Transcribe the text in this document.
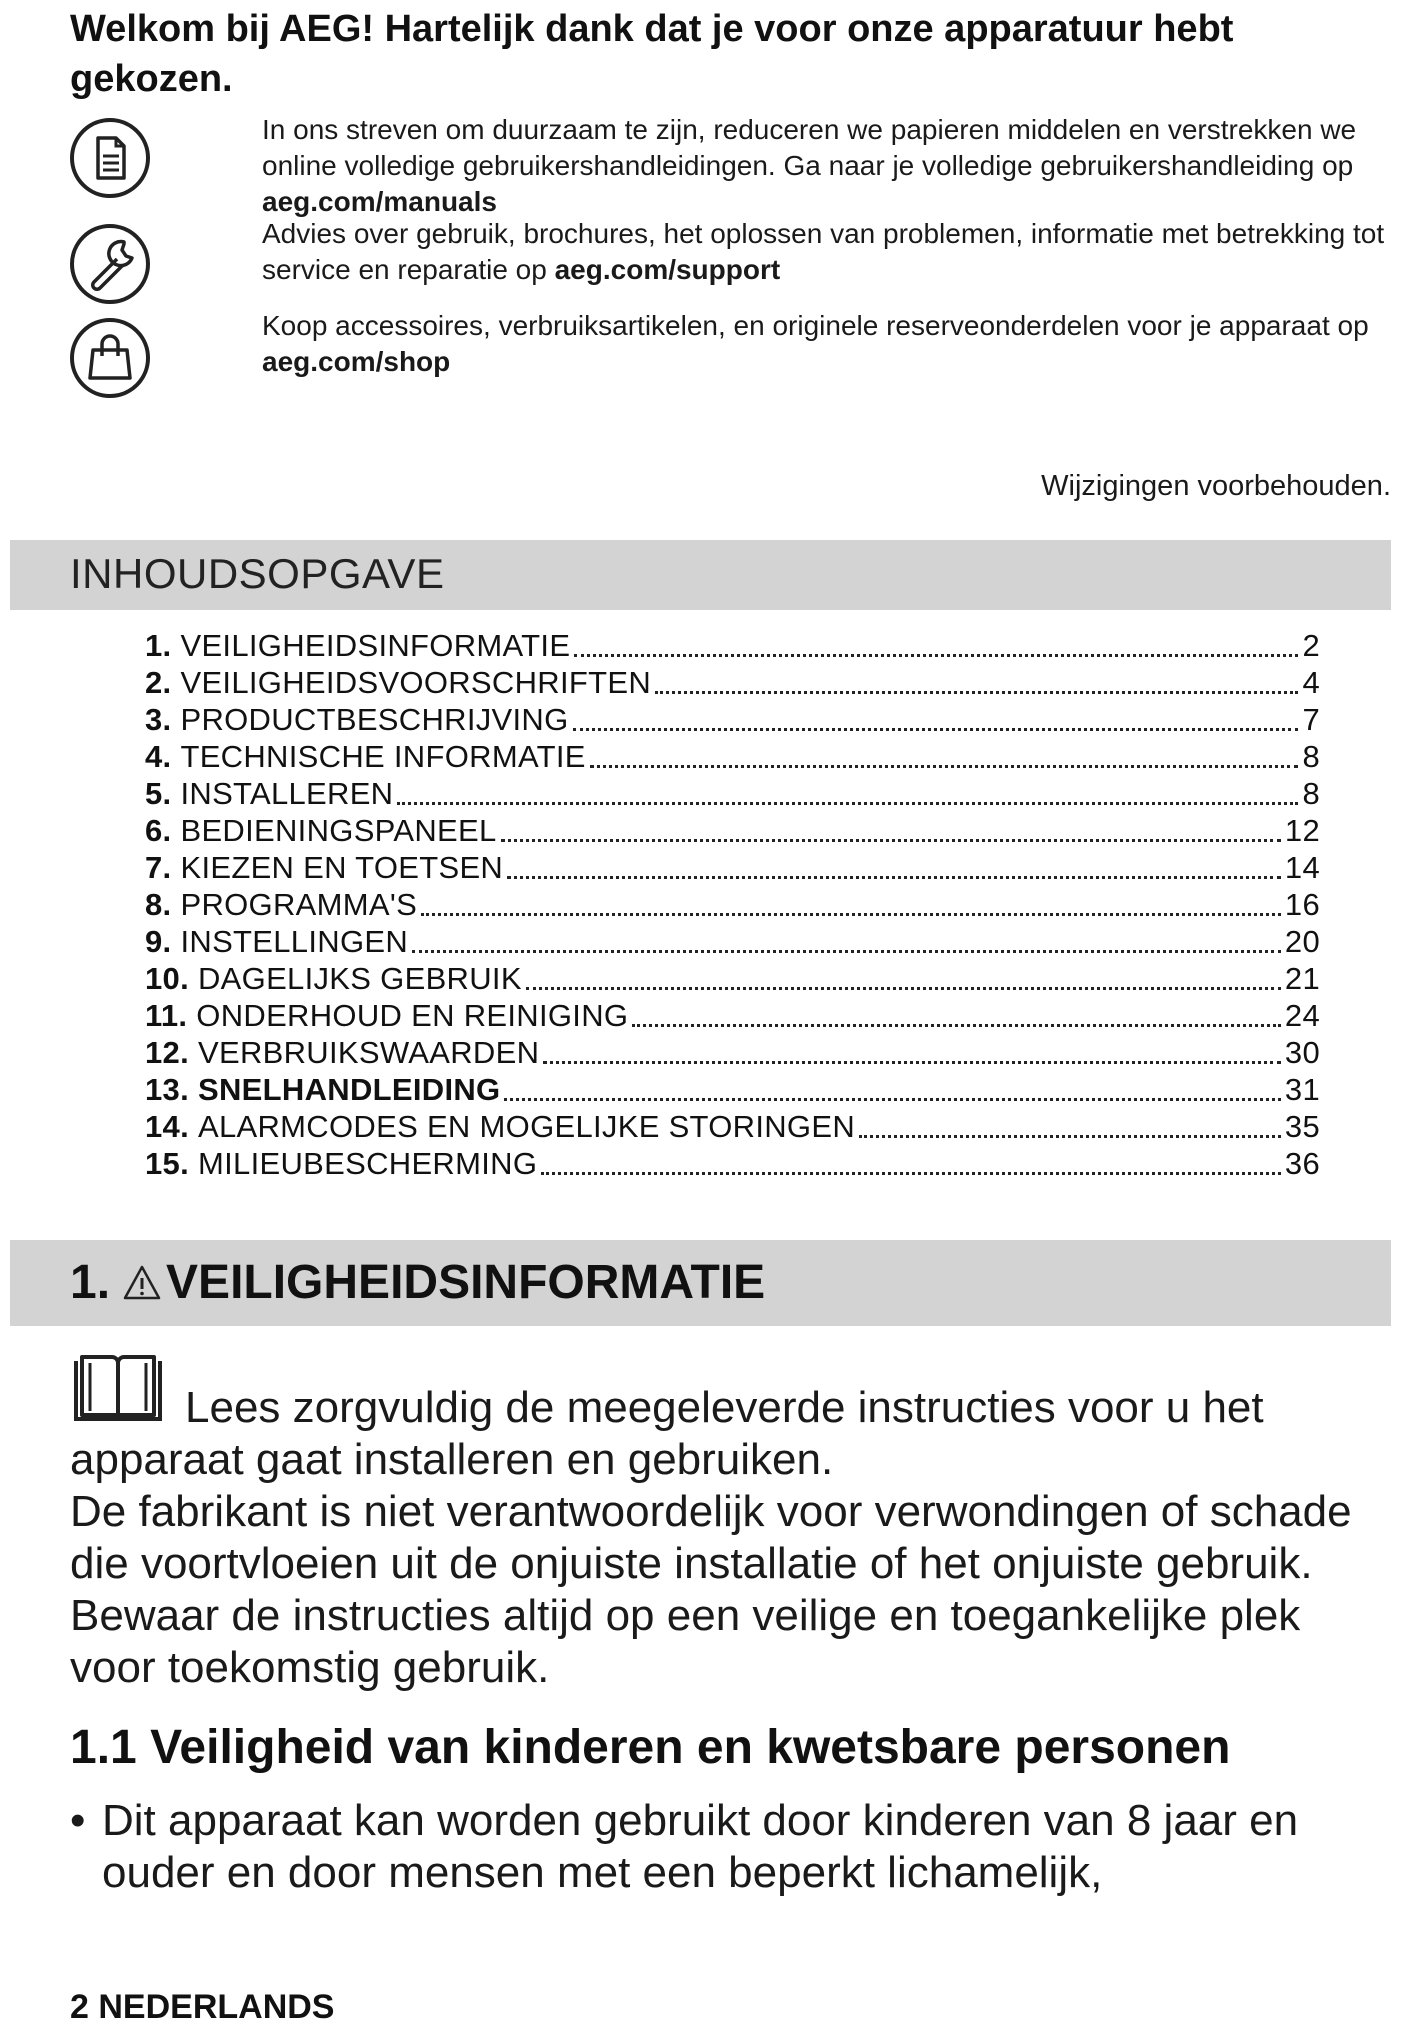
Welkom bij AEG! Hartelijk dank dat je voor onze apparatuur hebt gekozen.
In ons streven om duurzaam te zijn, reduceren we papieren middelen en verstrekken we online volledige gebruikershandleidingen. Ga naar je volledige gebruikershandleiding op aeg.com/manuals
Advies over gebruik, brochures, het oplossen van problemen, informatie met betrekking tot service en reparatie op aeg.com/support
Koop accessoires, verbruiksartikelen, en originele reserveonderdelen voor je apparaat op aeg.com/shop
Wijzigingen voorbehouden.
INHOUDSOPGAVE
1. VEILIGHEIDSINFORMATIE	2
2. VEILIGHEIDSVOORSCHRIFTEN	4
3. PRODUCTBESCHRIJVING	7
4. TECHNISCHE INFORMATIE	8
5. INSTALLEREN	8
6. BEDIENINGSPANEEL	12
7. KIEZEN EN TOETSEN	14
8. PROGRAMMA'S	16
9. INSTELLINGEN	20
10. DAGELIJKS GEBRUIK	21
11. ONDERHOUD EN REINIGING	24
12. VERBRUIKSWAARDEN	30
13. SNELHANDLEIDING	31
14. ALARMCODES EN MOGELIJKE STORINGEN	35
15. MILIEUBESCHERMING	36
1. VEILIGHEIDSINFORMATIE
Lees zorgvuldig de meegeleverde instructies voor u het apparaat gaat installeren en gebruiken.
De fabrikant is niet verantwoordelijk voor verwondingen of schade die voortvloeien uit de onjuiste installatie of het onjuiste gebruik. Bewaar de instructies altijd op een veilige en toegankelijke plek voor toekomstig gebruik.
1.1 Veiligheid van kinderen en kwetsbare personen
• Dit apparaat kan worden gebruikt door kinderen van 8 jaar en ouder en door mensen met een beperkt lichamelijk,
2 NEDERLANDS
